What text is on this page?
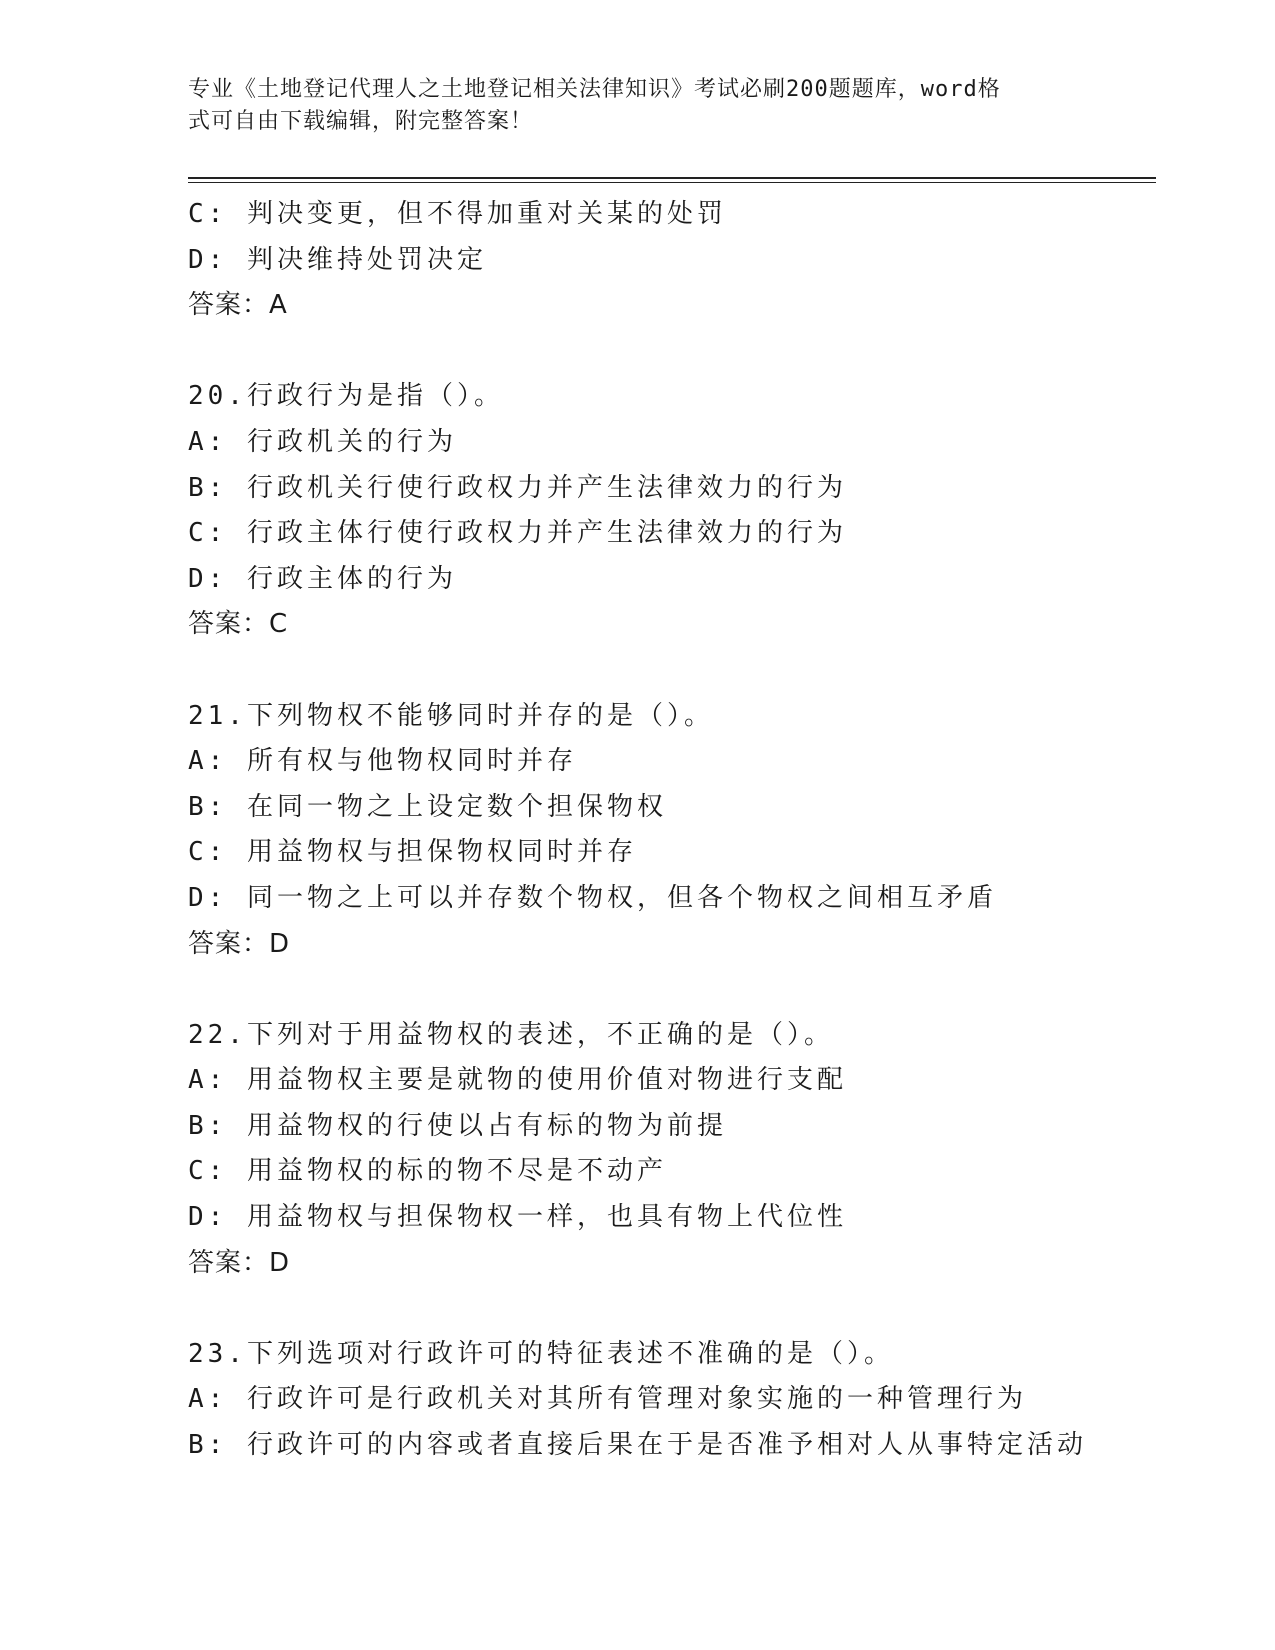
专业《土地登记代理人之土地登记相关法律知识》考试必刷200题题库，word格
式可自由下载编辑，附完整答案！
C: 判决变更，但不得加重对关某的处罚
D: 判决维持处罚决定
答案：A
20.行政行为是指（）。
A: 行政机关的行为
B: 行政机关行使行政权力并产生法律效力的行为
C: 行政主体行使行政权力并产生法律效力的行为
D: 行政主体的行为
答案：C
21.下列物权不能够同时并存的是（）。
A: 所有权与他物权同时并存
B: 在同一物之上设定数个担保物权
C: 用益物权与担保物权同时并存
D: 同一物之上可以并存数个物权，但各个物权之间相互矛盾
答案：D
22.下列对于用益物权的表述，不正确的是（）。
A: 用益物权主要是就物的使用价值对物进行支配
B: 用益物权的行使以占有标的物为前提
C: 用益物权的标的物不尽是不动产
D: 用益物权与担保物权一样，也具有物上代位性
答案：D
23.下列选项对行政许可的特征表述不准确的是（）。
A: 行政许可是行政机关对其所有管理对象实施的一种管理行为
B: 行政许可的内容或者直接后果在于是否准予相对人从事特定活动
